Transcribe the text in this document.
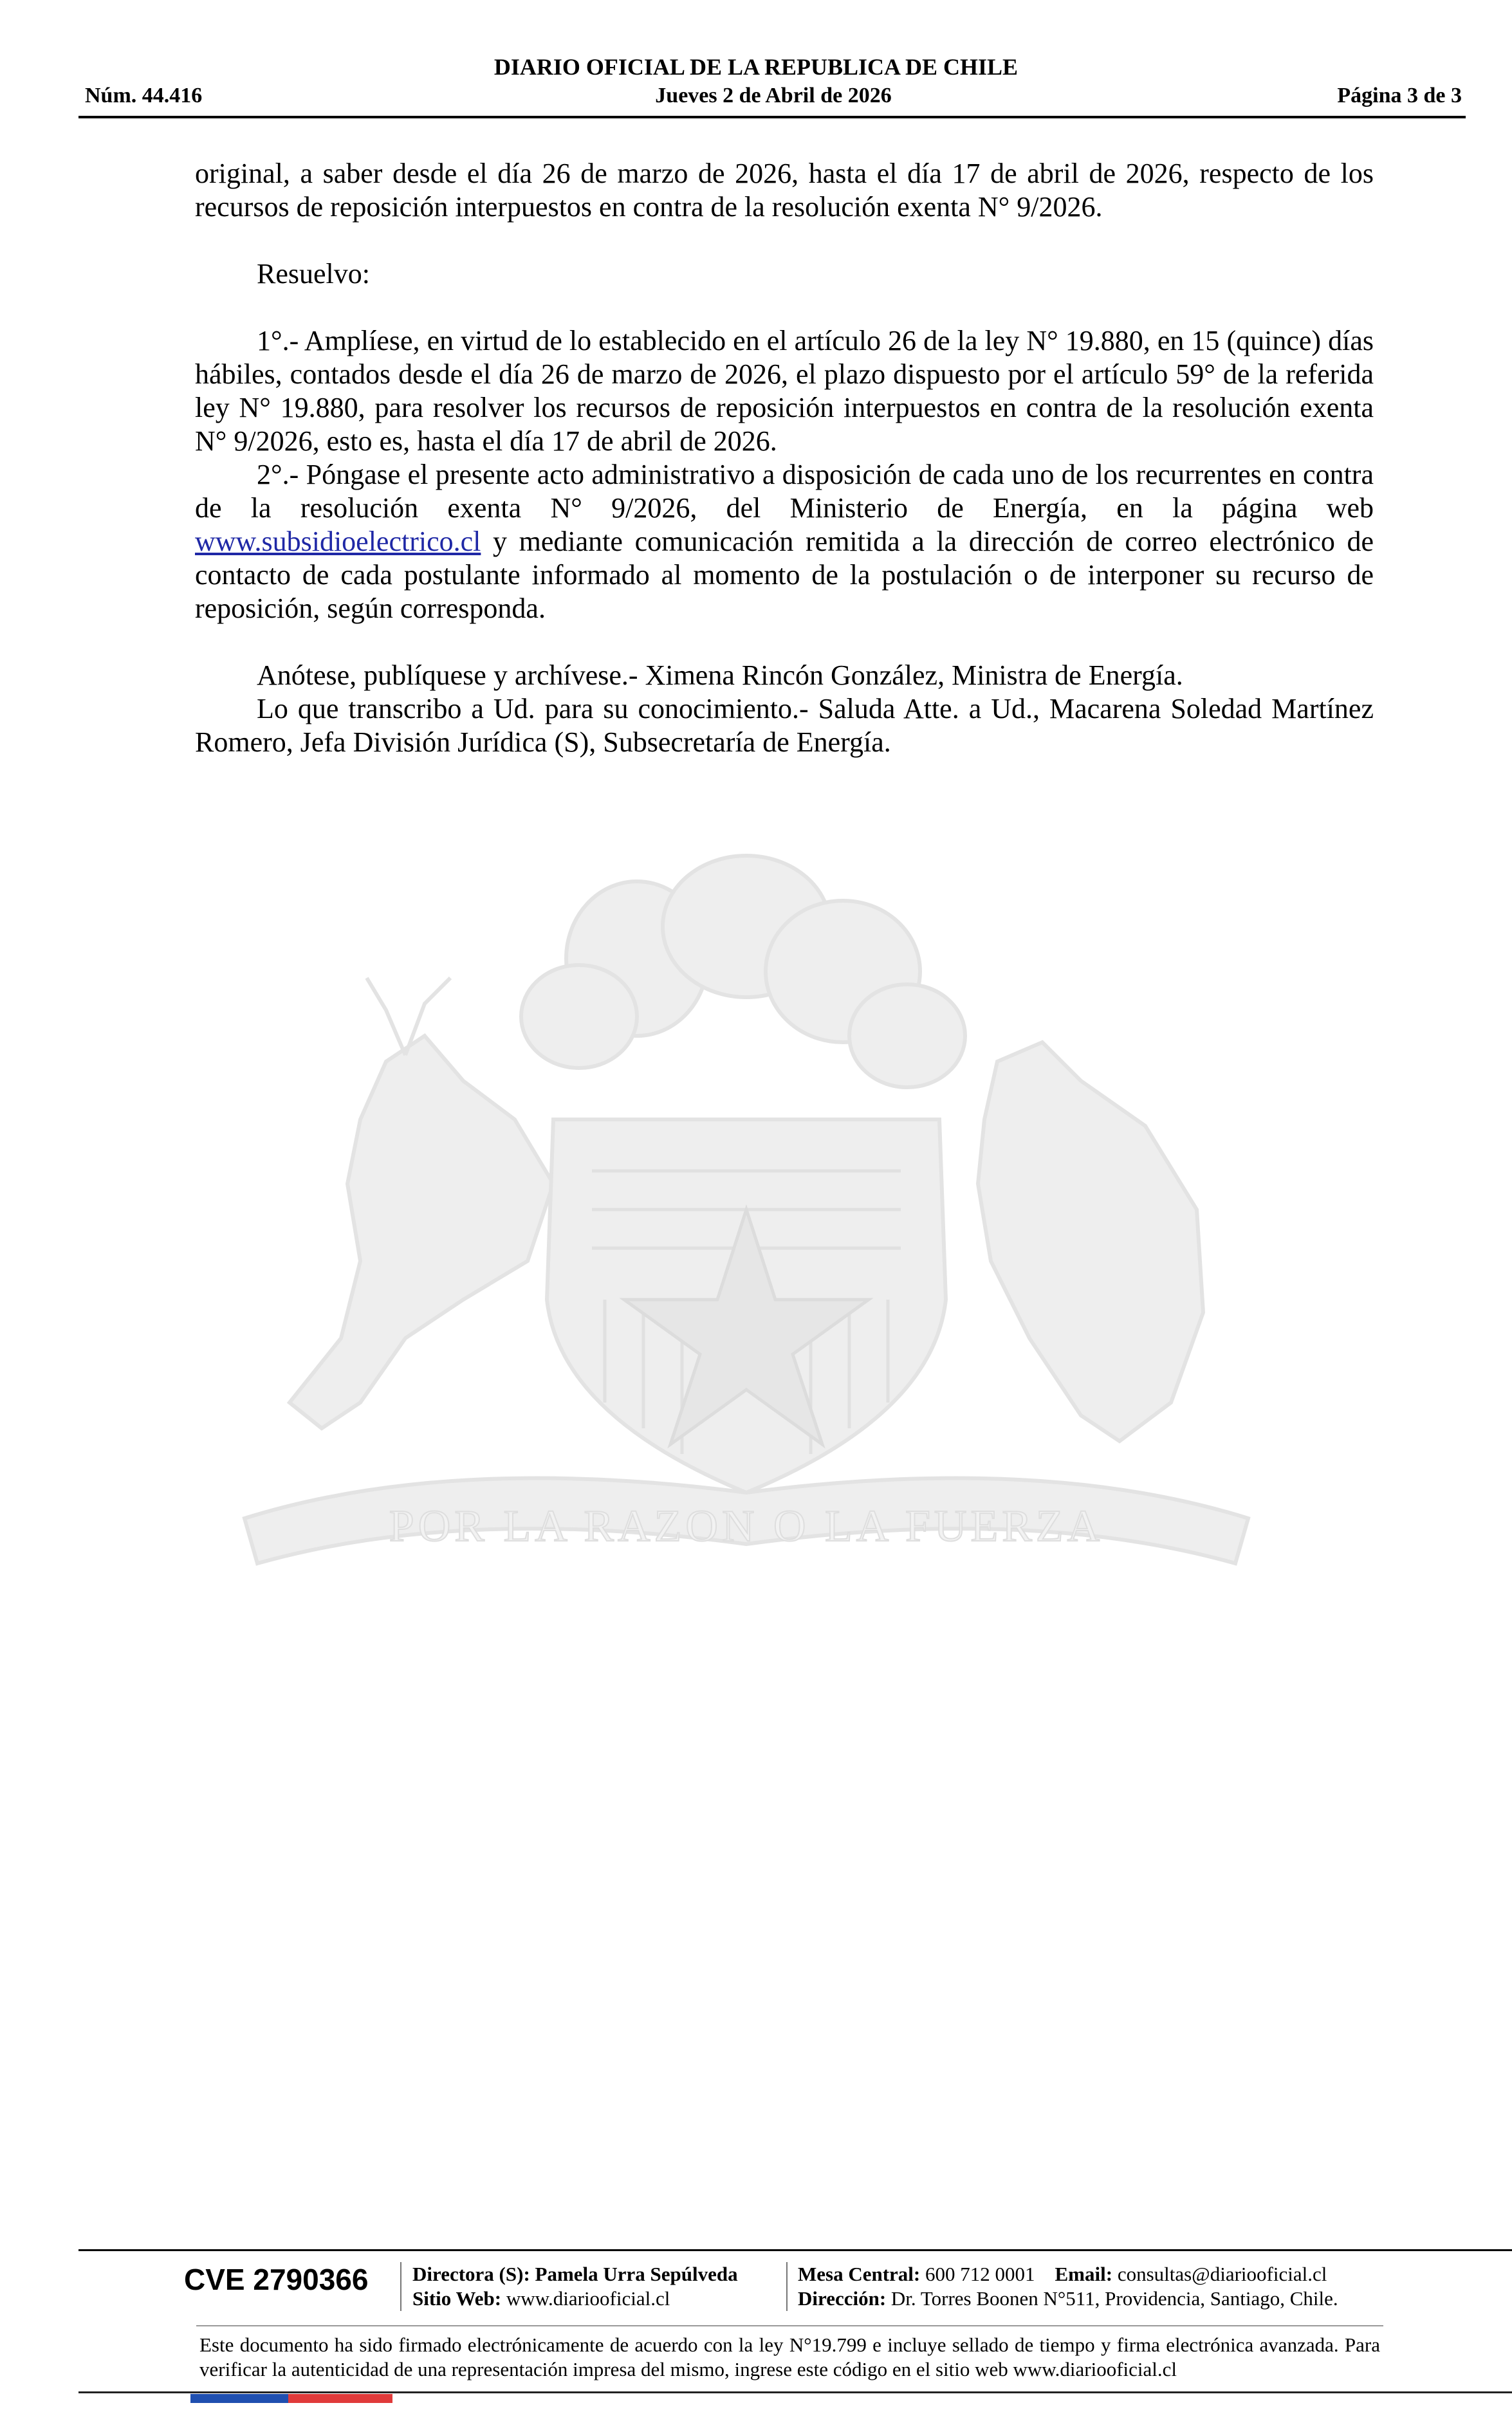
DIARIO OFICIAL DE LA REPUBLICA DE CHILE
Núm. 44.416	Jueves 2 de Abril de 2026	Página 3 de 3
POR LA RAZON O LA FUERZA

original, a saber desde el día 26 de marzo de 2026, hasta el día 17 de abril de 2026, respecto de los recursos de reposición interpuestos en contra de la resolución exenta N° 9/2026.

Resuelvo:

1°.- Amplíese, en virtud de lo establecido en el artículo 26 de la ley N° 19.880, en 15 (quince) días hábiles, contados desde el día 26 de marzo de 2026, el plazo dispuesto por el artículo 59° de la referida ley N° 19.880, para resolver los recursos de reposición interpuestos en contra de la resolución exenta N° 9/2026, esto es, hasta el día 17 de abril de 2026.

2°.- Póngase el presente acto administrativo a disposición de cada uno de los recurrentes en contra de la resolución exenta N° 9/2026, del Ministerio de Energía, en la página web www.subsidioelectrico.cl y mediante comunicación remitida a la dirección de correo electrónico de contacto de cada postulante informado al momento de la postulación o de interponer su recurso de reposición, según corresponda.

Anótese, publíquese y archívese.- Ximena Rincón González, Ministra de Energía.

Lo que transcribo a Ud. para su conocimiento.- Saluda Atte. a Ud., Macarena Soledad Martínez Romero, Jefa División Jurídica (S), Subsecretaría de Energía.

CVE 2790366 Directora (S): Pamela Urra Sepúlveda
Sitio Web: www.diariooficial.cl
Mesa Central: 600 712 0001 Email: consultas@diariooficial.cl
Dirección: Dr. Torres Boonen N°511, Providencia, Santiago, Chile.
Este documento ha sido firmado electrónicamente de acuerdo con la ley N°19.799 e incluye sellado de tiempo y firma electrónica avanzada. Para verificar la autenticidad de una representación impresa del mismo, ingrese este código en el sitio web www.diariooficial.cl
